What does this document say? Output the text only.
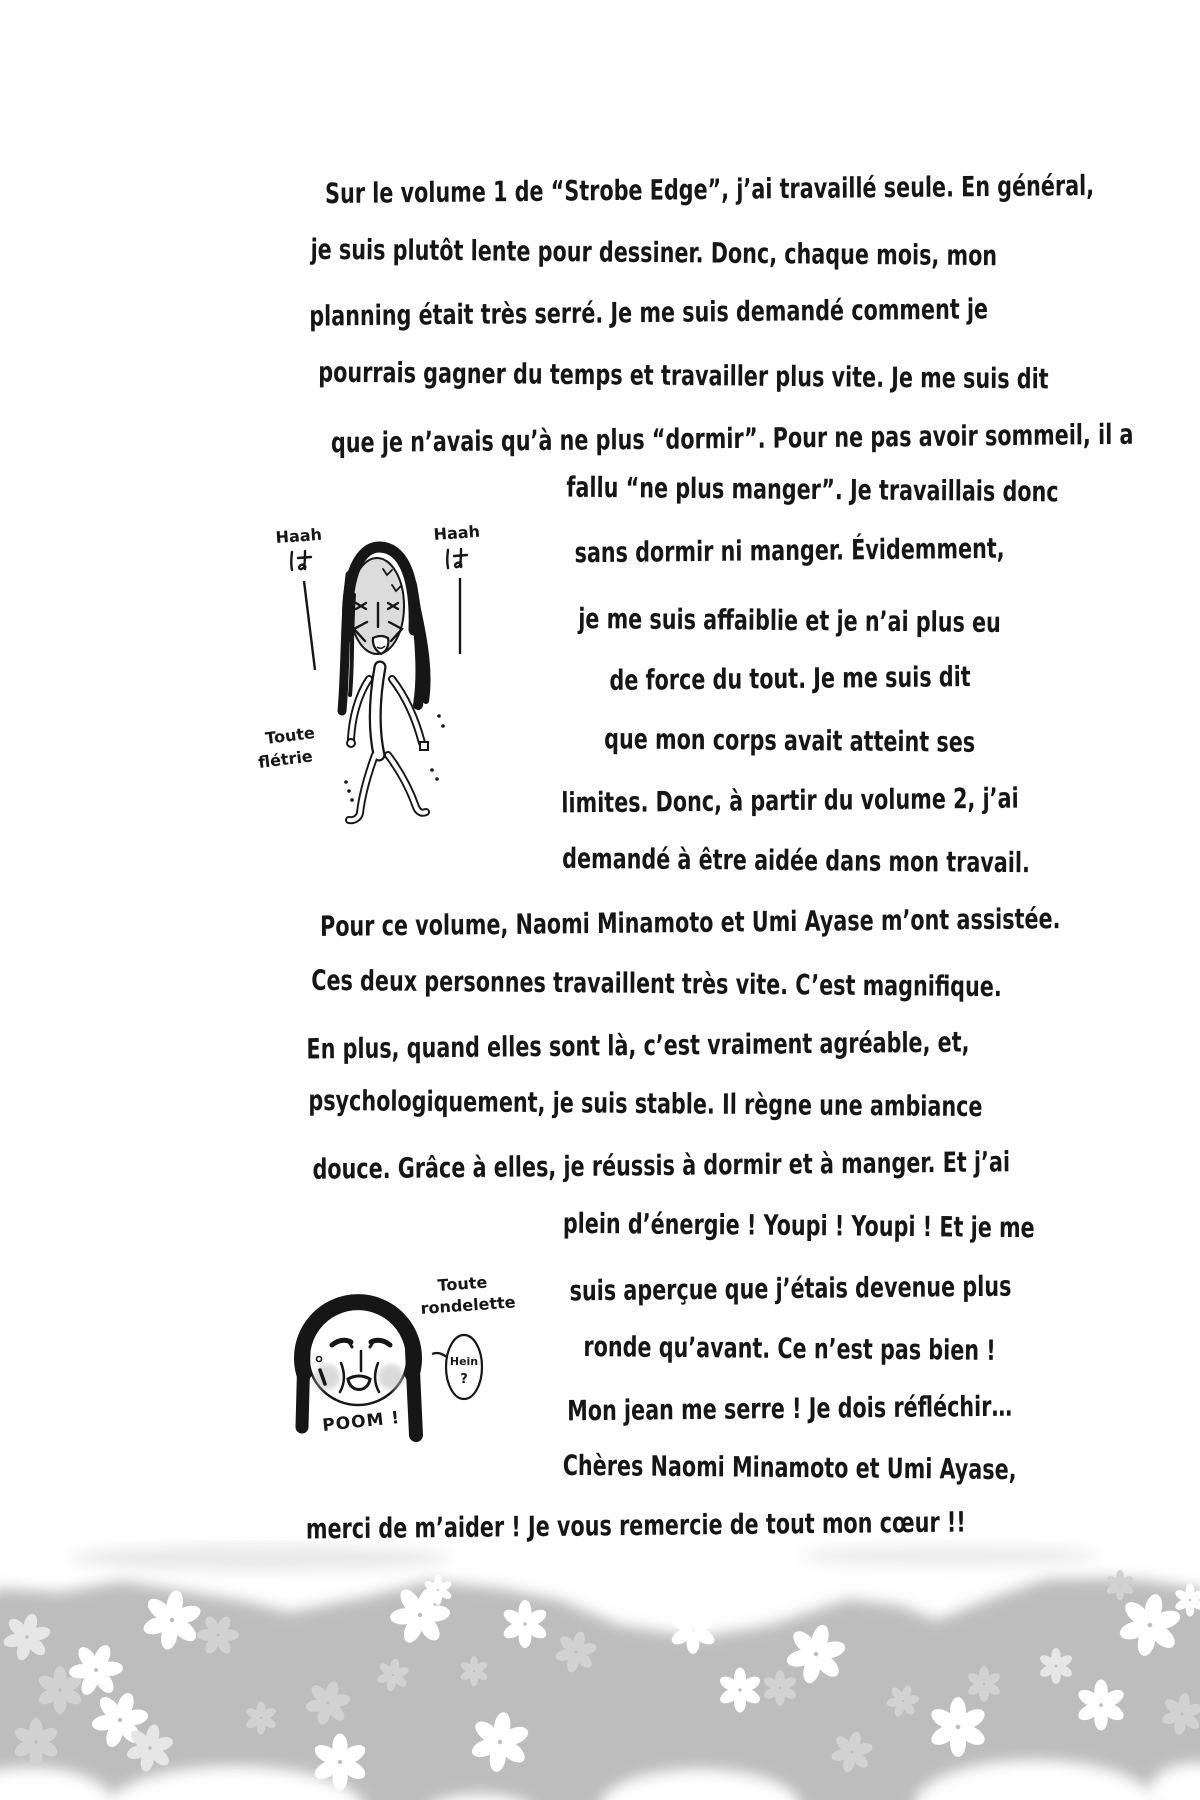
Sur le volume 1 de “Strobe Edge”, j’ai travaillé seule. En général,
je suis plutôt lente pour dessiner. Donc, chaque mois, mon
planning était très serré. Je me suis demandé comment je
pourrais gagner du temps et travailler plus vite. Je me suis dit
que je n’avais qu’à ne plus “dormir”. Pour ne pas avoir sommeil, il a
fallu “ne plus manger”. Je travaillais donc
sans dormir ni manger. Évidemment,
je me suis affaiblie et je n’ai plus eu
de force du tout. Je me suis dit
que mon corps avait atteint ses
limites. Donc, à partir du volume 2, j’ai
demandé à être aidée dans mon travail.
Pour ce volume, Naomi Minamoto et Umi Ayase m’ont assistée.
Ces deux personnes travaillent très vite. C’est magnifique.
En plus, quand elles sont là, c’est vraiment agréable, et,
psychologiquement, je suis stable. Il règne une ambiance
douce. Grâce à elles, je réussis à dormir et à manger. Et j’ai
plein d’énergie ! Youpi ! Youpi ! Et je me
suis aperçue que j’étais devenue plus
ronde qu’avant. Ce n’est pas bien !
Mon jean me serre ! Je dois réfléchir…
Chères Naomi Minamoto et Umi Ayase,
merci de m’aider ! Je vous remercie de tout mon cœur !!
Haah	Haah
Toute
flétrie
Toute
rondelette
Hein
?
POOM !
